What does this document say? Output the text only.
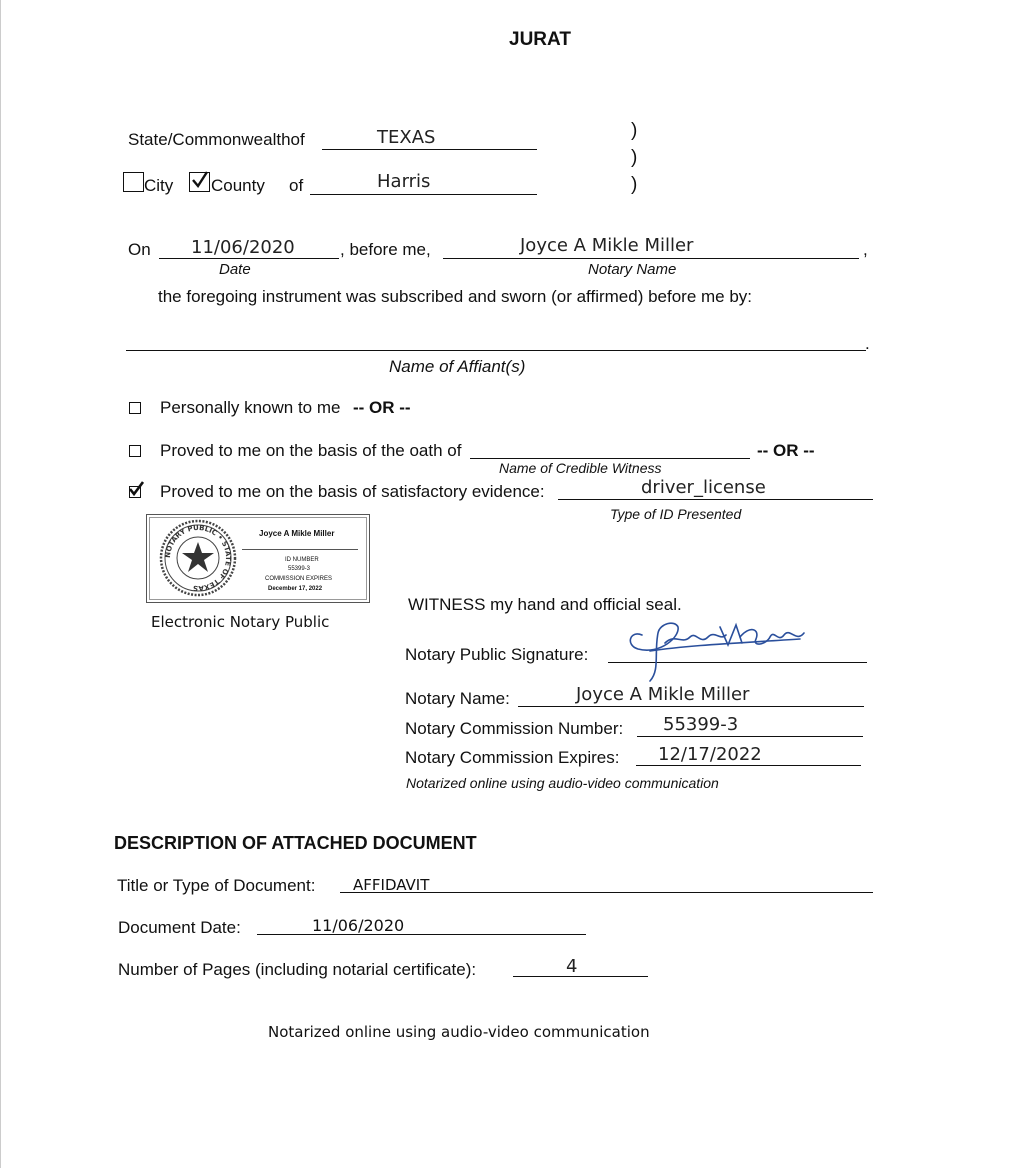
JURAT
State/Commonwealthof	TEXAS	)
)
)
City County of	Harris
On 11/06/2020	, before me,	Joyce A Mikle Miller	,
Date	Notary Name
the foregoing instrument was subscribed and sworn (or affirmed) before me by:
.
Name of Affiant(s)
Personally known to me -- OR --
Proved to me on the basis of the oath of	-- OR --
Name of Credible Witness
Proved to me on the basis of satisfactory evidence:	driver_license
Type of ID Presented
NOTARY PUBLIC • STATE OF TEXAS
Joyce A Mikle Miller
ID NUMBER
55399-3
COMMISSION EXPIRES
December 17, 2022
Electronic Notary Public
WITNESS my hand and official seal.
Notary Public Signature:
Notary Name:	Joyce A Mikle Miller
Notary Commission Number: 55399-3
Notary Commission Expires: 12/17/2022
Notarized online using audio-video communication
DESCRIPTION OF ATTACHED DOCUMENT
Title or Type of Document:	AFFIDAVIT
Document Date:	11/06/2020
Number of Pages (including notarial certificate):	4
Notarized online using audio-video communication
